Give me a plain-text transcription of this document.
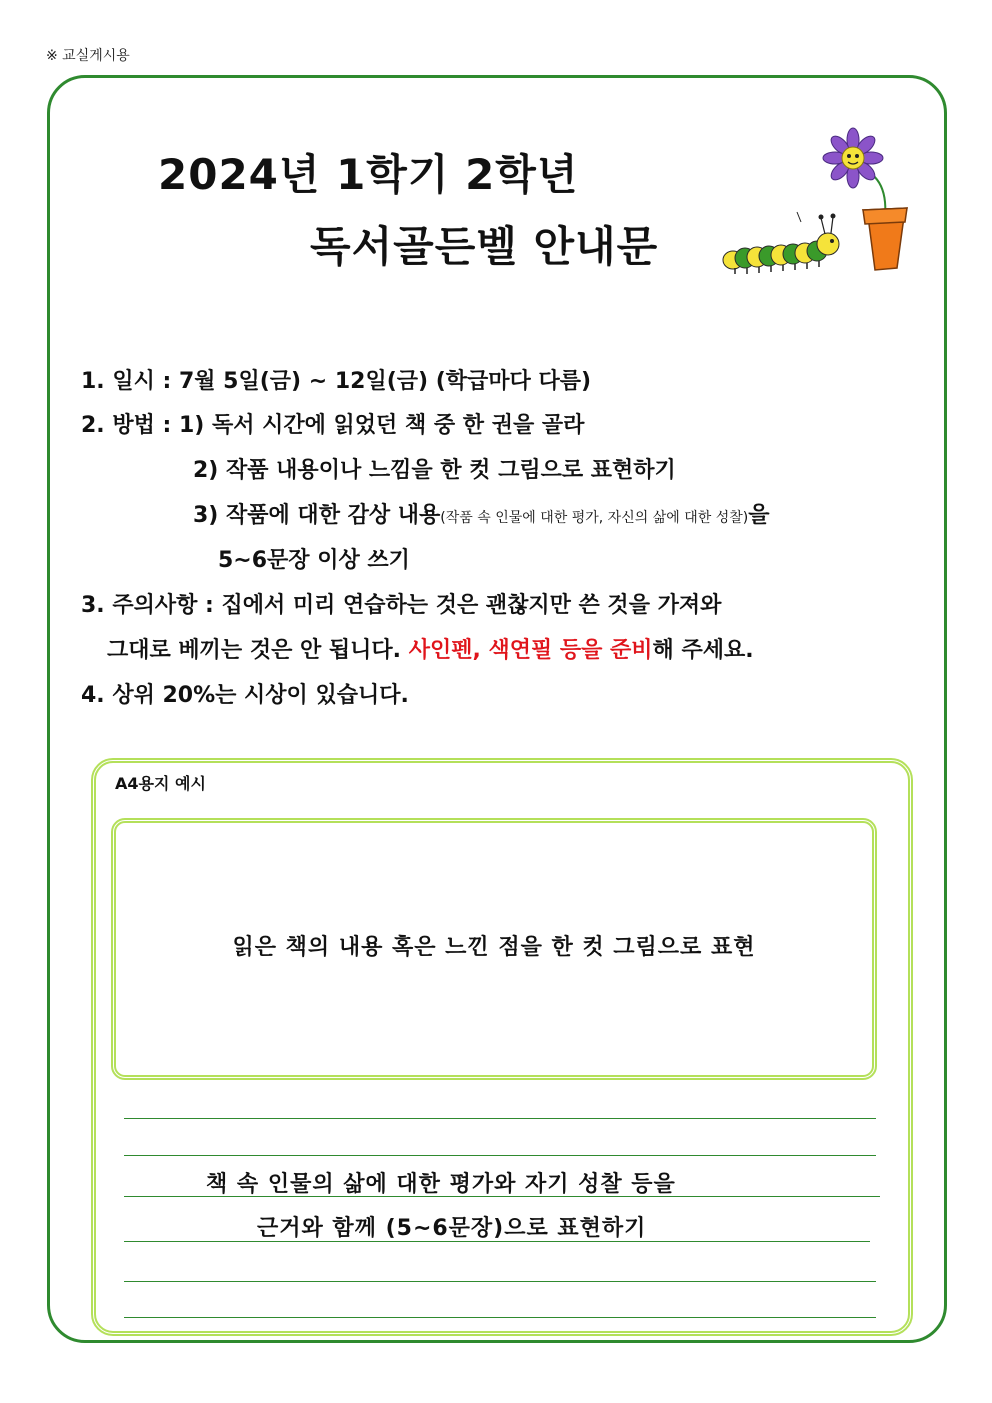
※ 교실게시용
2024년 1학기 2학년
독서골든벨 안내문
1. 일시 : 7월 5일(금) ~ 12일(금) (학급마다 다름)
2. 방법 : 1) 독서 시간에 읽었던 책 중 한 권을 골라
2) 작품 내용이나 느낌을 한 컷 그림으로 표현하기
3) 작품에 대한 감상 내용(작품 속 인물에 대한 평가, 자신의 삶에 대한 성찰)을
5~6문장 이상 쓰기
3. 주의사항 : 집에서 미리 연습하는 것은 괜찮지만 쓴 것을 가져와
그대로 베끼는 것은 안 됩니다. 사인펜, 색연필 등을 준비해 주세요.
4. 상위 20%는 시상이 있습니다.
A4용지 예시
읽은 책의 내용 혹은 느낀 점을 한 컷 그림으로 표현
책 속 인물의 삶에 대한 평가와 자기 성찰 등을
근거와 함께 (5~6문장)으로 표현하기
